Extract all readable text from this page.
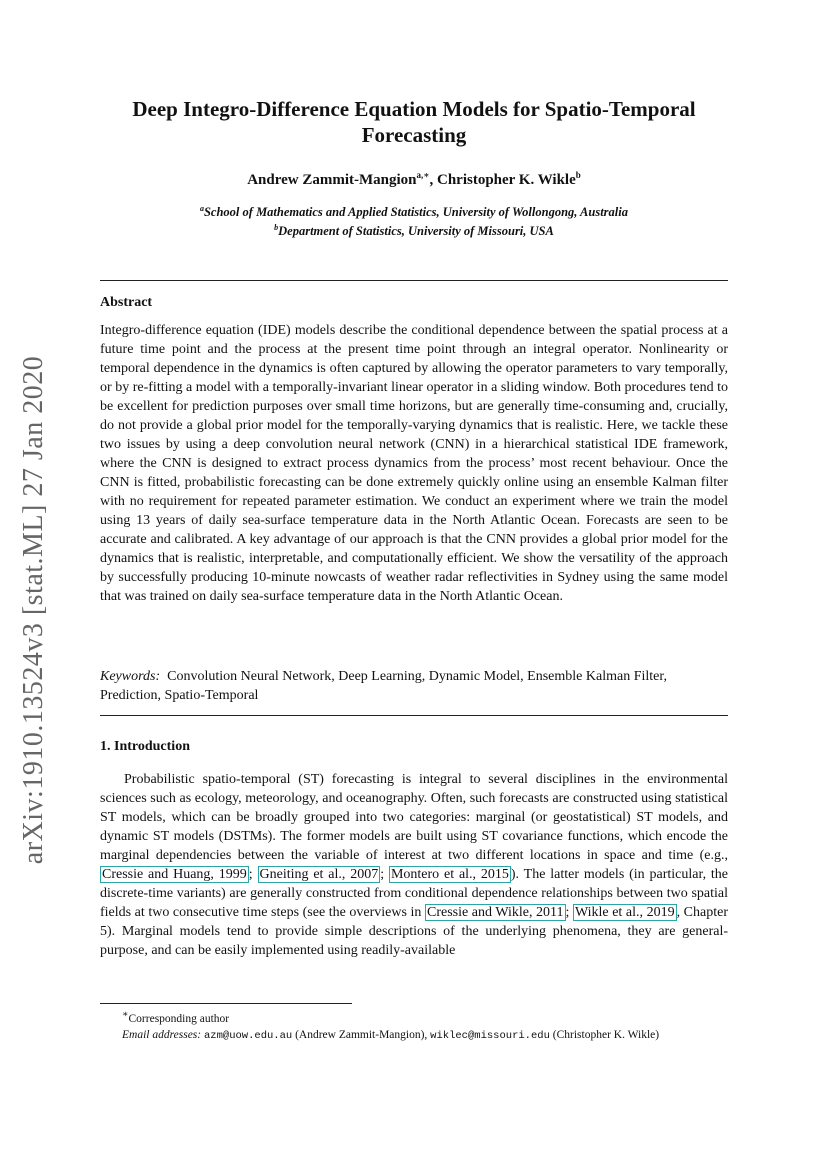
arXiv:1910.13524v3 [stat.ML] 27 Jan 2020
Deep Integro-Difference Equation Models for Spatio-Temporal Forecasting
Andrew Zammit-Mangion$^{a,∗}$, Christopher K. Wikle$^b$
$^a$School of Mathematics and Applied Statistics, University of Wollongong, Australia
$^b$Department of Statistics, University of Missouri, USA
Abstract
Integro-difference equation (IDE) models describe the conditional dependence between the spatial process at a future time point and the process at the present time point through an integral operator. Nonlinearity or temporal dependence in the dynamics is often captured by allowing the operator parameters to vary temporally, or by re-fitting a model with a temporally-invariant linear operator in a sliding window. Both procedures tend to be excellent for prediction purposes over small time horizons, but are generally time-consuming and, crucially, do not provide a global prior model for the temporally-varying dynamics that is realistic. Here, we tackle these two issues by using a deep convolution neural network (CNN) in a hierarchical statistical IDE framework, where the CNN is designed to extract process dynamics from the process’ most recent behaviour. Once the CNN is fitted, probabilistic forecasting can be done extremely quickly online using an ensemble Kalman filter with no requirement for repeated parameter estimation. We conduct an experiment where we train the model using 13 years of daily sea-surface temperature data in the North Atlantic Ocean. Forecasts are seen to be accurate and calibrated. A key advantage of our approach is that the CNN provides a global prior model for the dynamics that is realistic, interpretable, and computationally efficient. We show the versatility of the approach by successfully producing 10-minute nowcasts of weather radar reflectivities in Sydney using the same model that was trained on daily sea-surface temperature data in the North Atlantic Ocean.
Keywords: Convolution Neural Network, Deep Learning, Dynamic Model, Ensemble Kalman Filter, Prediction, Spatio-Temporal
1. Introduction
Probabilistic spatio-temporal (ST) forecasting is integral to several disciplines in the environmental sciences such as ecology, meteorology, and oceanography. Often, such forecasts are constructed using statistical ST models, which can be broadly grouped into two categories: marginal (or geostatistical) ST models, and dynamic ST models (DSTMs). The former models are built using ST covariance functions, which encode the marginal dependencies between the variable of interest at two different locations in space and time (e.g., Cressie and Huang, 1999 ; Gneiting et al., 2007 ; Montero et al., 2015 ). The latter models (in particular, the discrete-time variants) are generally constructed from conditional dependence relationships between two spatial fields at two consecutive time steps (see the overviews in Cressie and Wikle, 2011 ; Wikle et al., 2019 , Chapter 5). Marginal models tend to provide simple descriptions of the underlying phenomena, they are general-purpose, and can be easily implemented using readily-available
∗Corresponding author
Email addresses: azm@uow.edu.au (Andrew Zammit-Mangion), wiklec@missouri.edu (Christopher K. Wikle)
